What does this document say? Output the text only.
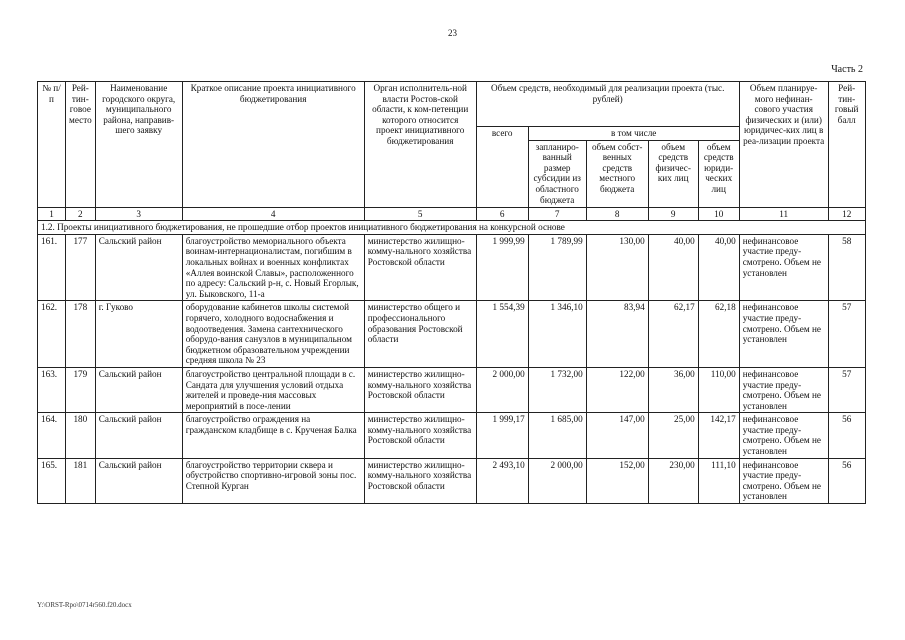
23
Часть 2
№ п/п	Рей-тин-говое место	Наименование городского округа, муниципального района, направив-шего заявку	Краткое описание проекта инициативного бюджетирования	Орган исполнитель-ной власти Ростов-ской области, к ком-петенции которого относится проект инициативного бюджетирования	Объем средств, необходимый для реализации проекта (тыс. рублей)					Объем планируе-мого нефинан-сового участия физических и (или) юридичес-ких лиц в реа-лизации проекта	Рей-тин-говый балл
					всего	в том числе					
						запланиро-ванный размер субсидии из областного бюджета	объем собст-венных средств местного бюджета	объем средств физичес-ких лиц	объем средств юриди-ческих лиц		
1	2	3	4	5	6	7	8	9	10	11	12
1.2. Проекты инициативного бюджетирования, не прошедшие отбор проектов инициативного бюджетирования на конкурсной основе											
161.	177	Сальский район	благоустройство мемориального объекта воинам-интернационалистам, погибшим в локальных войнах и военных конфликтах «Аллея воинской Славы», расположенного по адресу: Сальский р-н, с. Новый Егорлык, ул. Быковского, 11-а	министерство жилищно-комму-нального хозяйства Ростовской области	1 999,99	1 789,99	130,00	40,00	40,00	нефинансовое участие преду-смотрено. Объем не установлен	58
162.	178	г. Гуково	оборудование кабинетов школы системой горячего, холодного водоснабжения и водоотведения. Замена сантехнического оборудо-вания санузлов в муниципальном бюджетном образовательном учреждении средняя школа № 23	министерство общего и профессионального образования Ростовской области	1 554,39	1 346,10	83,94	62,17	62,18	нефинансовое участие преду-смотрено. Объем не установлен	57
163.	179	Сальский район	благоустройство центральной площади в с. Сандата для улучшения условий отдыха жителей и проведе-ния массовых мероприятий в посе-лении	министерство жилищно-комму-нального хозяйства Ростовской области	2 000,00	1 732,00	122,00	36,00	110,00	нефинансовое участие преду-смотрено. Объем не установлен	57
164.	180	Сальский район	благоустройство ограждения на гражданском кладбище в с. Крученая Балка	министерство жилищно-комму-нального хозяйства Ростовской области	1 999,17	1 685,00	147,00	25,00	142,17	нефинансовое участие преду-смотрено. Объем не установлен	56
165.	181	Сальский район	благоустройство территории сквера и обустройство спортивно-игровой зоны пос. Степной Курган	министерство жилищно-комму-нального хозяйства Ростовской области	2 493,10	2 000,00	152,00	230,00	111,10	нефинансовое участие преду-смотрено. Объем не установлен	56
Y:\ORST-Rpo\0714r560.f20.docx
